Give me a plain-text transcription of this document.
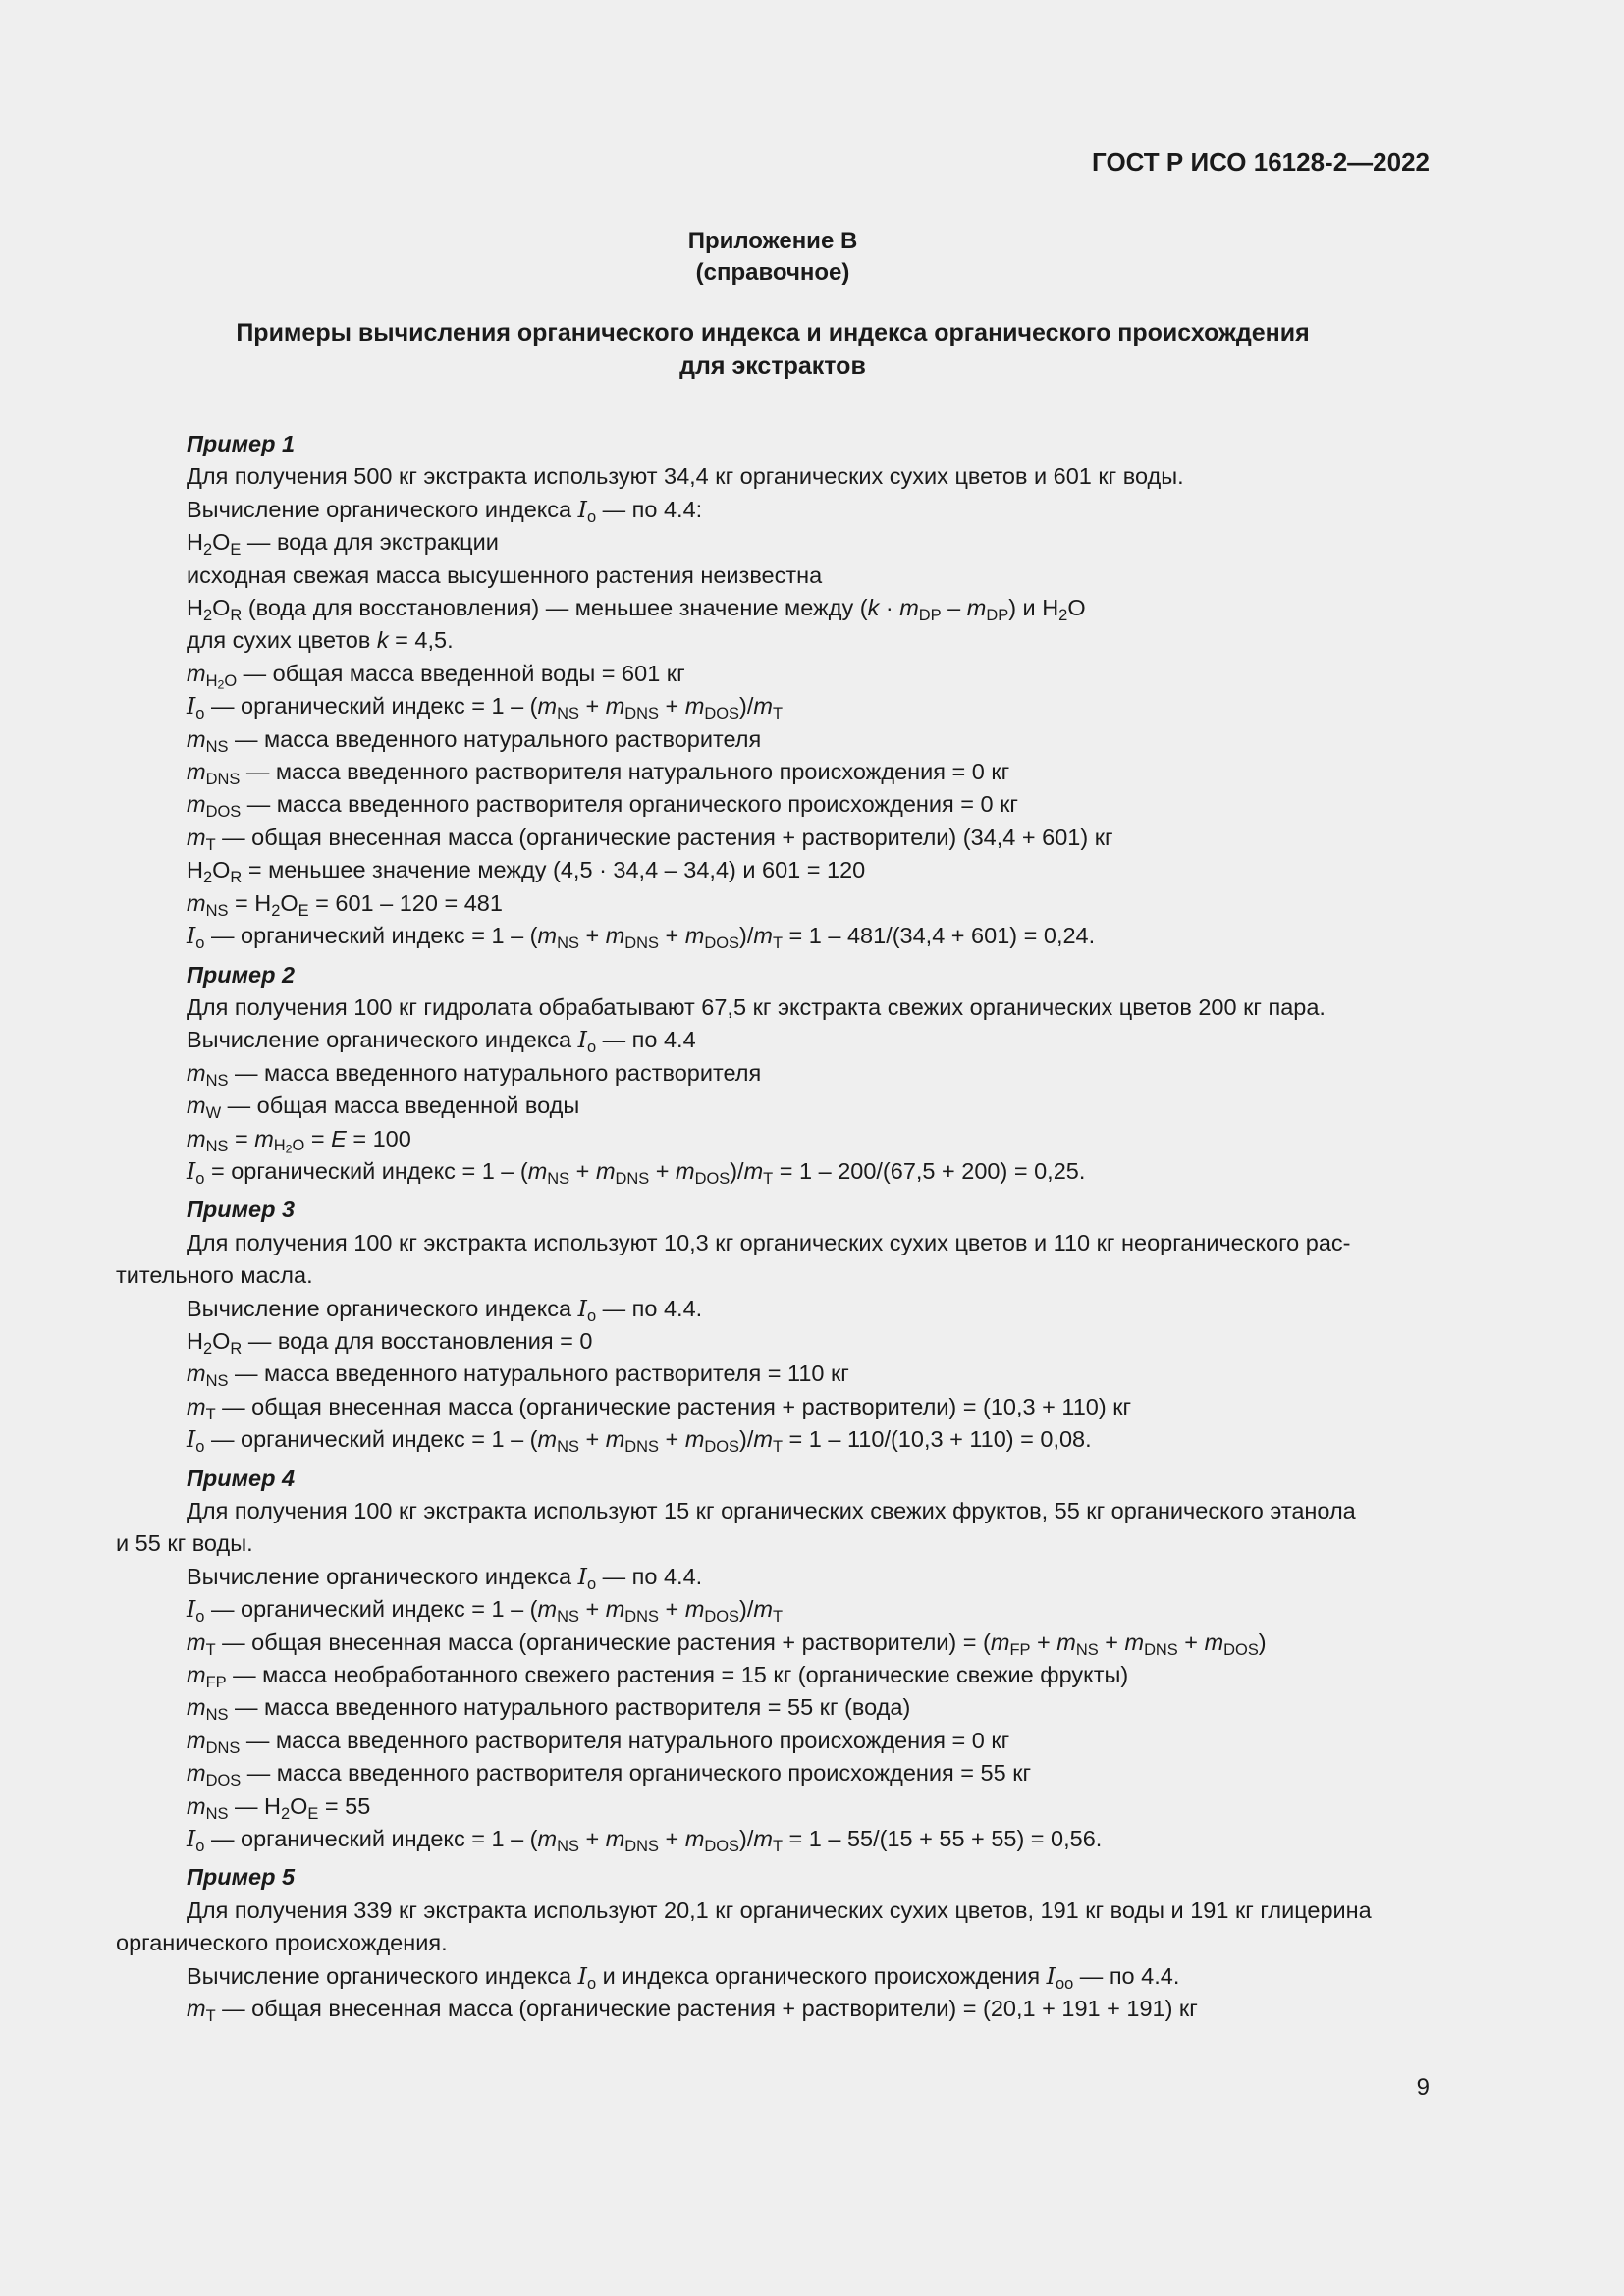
ГОСТ Р ИСО 16128-2—2022
Приложение В
(справочное)
Примеры вычисления органического индекса и индекса органического происхождения
для экстрактов

Пример 1

Для получения 500 кг экстракта используют 34,4 кг органических сухих цветов и 601 кг воды.

Вычисление органического индекса $I_o$ — по 4.4:

$H_2O_E$ — вода для экстракции

исходная свежая масса высушенного растения неизвестна

$H_2O_R$ (вода для восстановления) — меньшее значение между $(k \cdot m_{DP} - m_{DP})$ и $H_2O$

для сухих цветов k = 4,5.

$m_{H2O}$ — общая масса введенной воды = 601 кг

$I_o$ — органический индекс = $1 - (m_{NS} + m_{DNS} + m_{DOS})/m_T$

$m_{NS}$ — масса введенного натурального растворителя

$m_{DNS}$ — масса введенного растворителя натурального происхождения = 0 кг

$m_{DOS}$ — масса введенного растворителя органического происхождения = 0 кг

$m_T$ — общая внесенная масса (органические растения + растворители) (34,4 + 601) кг

$H_2O_R$ = меньшее значение между (4,5 · 34,4 – 34,4) и 601 = 120

$m_{NS} = H_2O_E = 601 - 120 = 481$

$I_o$ — органический индекс = $1 - (m_{NS} + m_{DNS} + m_{DOS})/m_T = 1 - 481/(34,4 + 601) = 0,24$.

Пример 2

Для получения 100 кг гидролата обрабатывают 67,5 кг экстракта свежих органических цветов 200 кг пара.

Вычисление органического индекса $I_o$ — по 4.4

$m_{NS}$ — масса введенного натурального растворителя

$m_W$ — общая масса введенной воды

$m_{NS} = m_{H2O} = E = 100$

$I_o$ = органический индекс = $1 - (m_{NS} + m_{DNS} + m_{DOS})/m_T = 1 - 200/(67,5 + 200) = 0,25$.

Пример 3

Для получения 100 кг экстракта используют 10,3 кг органических сухих цветов и 110 кг неорганического рас-
тительного масла.

Вычисление органического индекса $I_o$ — по 4.4.

$H_2O_R$ — вода для восстановления = 0

$m_{NS}$ — масса введенного натурального растворителя = 110 кг

$m_T$ — общая внесенная масса (органические растения + растворители) = (10,3 + 110) кг

$I_o$ — органический индекс = $1 - (m_{NS} + m_{DNS} + m_{DOS})/m_T = 1 - 110/(10,3 + 110) = 0,08$.

Пример 4

Для получения 100 кг экстракта используют 15 кг органических свежих фруктов, 55 кг органического этанола
и 55 кг воды.

Вычисление органического индекса $I_o$ — по 4.4.

$I_o$ — органический индекс = $1 - (m_{NS} + m_{DNS} + m_{DOS})/m_T$

$m_T$ — общая внесенная масса (органические растения + растворители) = $(m_{FP} + m_{NS} + m_{DNS} + m_{DOS})$

$m_{FP}$ — масса необработанного свежего растения = 15 кг (органические свежие фрукты)

$m_{NS}$ — масса введенного натурального растворителя = 55 кг (вода)

$m_{DNS}$ — масса введенного растворителя натурального происхождения = 0 кг

$m_{DOS}$ — масса введенного растворителя органического происхождения = 55 кг

$m_{NS}$ — $H_2O_E = 55$

$I_o$ — органический индекс = $1 - (m_{NS} + m_{DNS} + m_{DOS})/m_T = 1 - 55/(15 + 55 + 55) = 0,56$.

Пример 5

Для получения 339 кг экстракта используют 20,1 кг органических сухих цветов, 191 кг воды и 191 кг глицерина
органического происхождения.

Вычисление органического индекса $I_o$ и индекса органического происхождения $I_{oo}$ — по 4.4.

$m_T$ — общая внесенная масса (органические растения + растворители) = (20,1 + 191 + 191) кг

9
